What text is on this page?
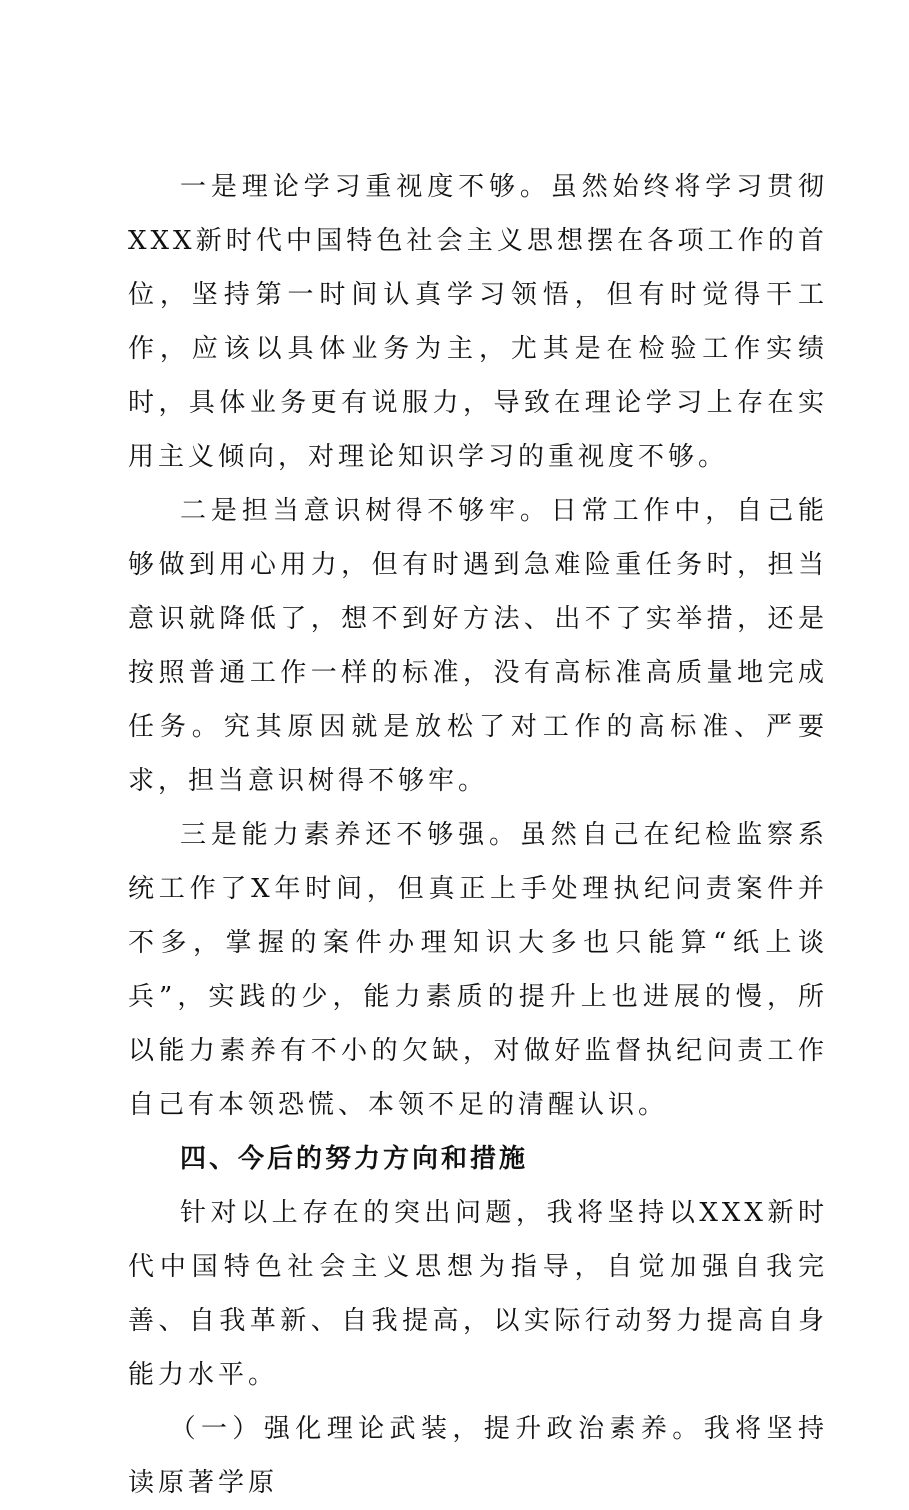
一是理论学习重视度不够。虽然始终将学习贯彻XXX新时代中国特色社会主义思想摆在各项工作的首位，坚持第一时间认真学习领悟，但有时觉得干工作，应该以具体业务为主，尤其是在检验工作实绩时，具体业务更有说服力，导致在理论学习上存在实用主义倾向，对理论知识学习的重视度不够。

二是担当意识树得不够牢。日常工作中，自己能够做到用心用力，但有时遇到急难险重任务时，担当意识就降低了，想不到好方法、出不了实举措，还是按照普通工作一样的标准，没有高标准高质量地完成任务。究其原因就是放松了对工作的高标准、严要求，担当意识树得不够牢。

三是能力素养还不够强。虽然自己在纪检监察系统工作了X年时间，但真正上手处理执纪问责案件并不多，掌握的案件办理知识大多也只能算“纸上谈兵”，实践的少，能力素质的提升上也进展的慢，所以能力素养有不小的欠缺，对做好监督执纪问责工作自己有本领恐慌、本领不足的清醒认识。

四、今后的努力方向和措施

针对以上存在的突出问题，我将坚持以XXX新时代中国特色社会主义思想为指导，自觉加强自我完善、自我革新、自我提高，以实际行动努力提高自身能力水平。

（一）强化理论武装，提升政治素养。我将坚持读原著学原
